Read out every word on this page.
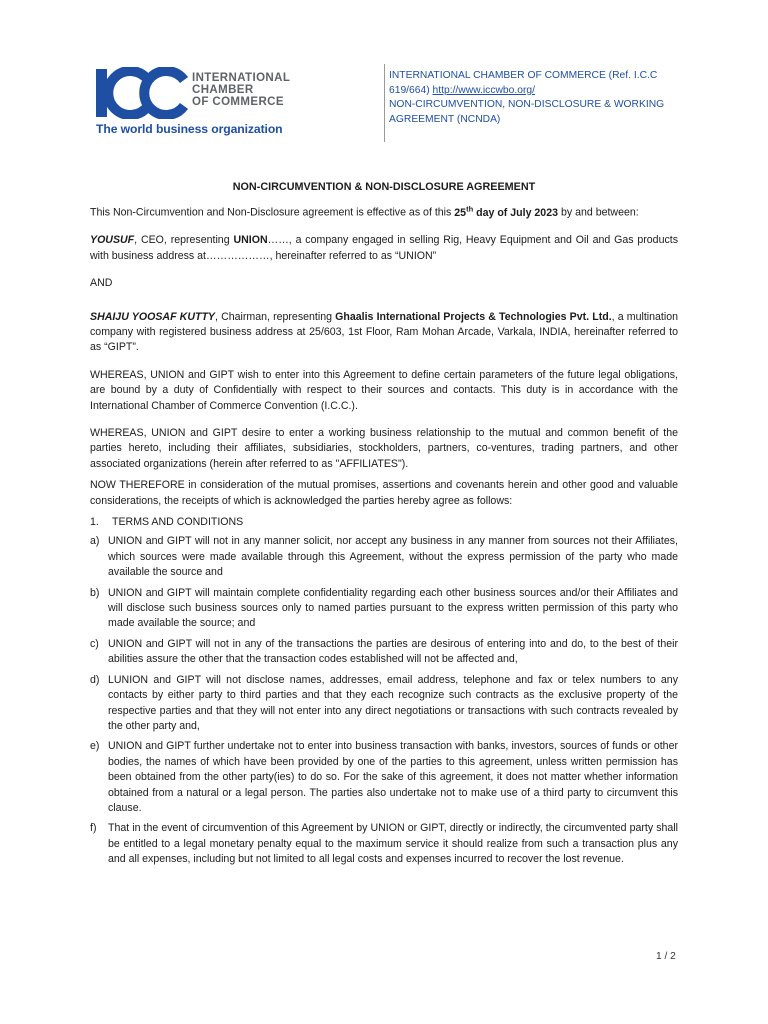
ICC
INTERNATIONAL
CHAMBER
OF COMMERCE
The world business organization
INTERNATIONAL CHAMBER OF COMMERCE (Ref. I.C.C
619/664) http://www.iccwbo.org/
NON-CIRCUMVENTION, NON-DISCLOSURE & WORKING
AGREEMENT (NCNDA)
NON-CIRCUMVENTION & NON-DISCLOSURE AGREEMENT

This Non-Circumvention and Non-Disclosure agreement is effective as of this 25th day of July 2023 by and between:

YOUSUF, CEO, representing UNION……, a company engaged in selling Rig, Heavy Equipment and Oil and Gas products with business address at………………, hereinafter referred to as “UNION”

AND

SHAIJU YOOSAF KUTTY, Chairman, representing Ghaalis International Projects & Technologies Pvt. Ltd., a multination company with registered business address at 25/603, 1st Floor, Ram Mohan Arcade, Varkala, INDIA, hereinafter referred to as “GIPT”.

WHEREAS, UNION and GIPT wish to enter into this Agreement to define certain parameters of the future legal obligations, are bound by a duty of Confidentially with respect to their sources and contacts. This duty is in accordance with the International Chamber of Commerce Convention (I.C.C.).

WHEREAS, UNION and GIPT desire to enter a working business relationship to the mutual and common benefit of the parties hereto, including their affiliates, subsidiaries, stockholders, partners, co-ventures, trading partners, and other associated organizations (herein after referred to as "AFFILIATES").

NOW THEREFORE in consideration of the mutual promises, assertions and covenants herein and other good and valuable considerations, the receipts of which is acknowledged the parties hereby agree as follows:

1. TERMS AND CONDITIONS

a) UNION and GIPT will not in any manner solicit, nor accept any business in any manner from sources not their Affiliates, which sources were made available through this Agreement, without the express permission of the party who made available the source and
b) UNION and GIPT will maintain complete confidentiality regarding each other business sources and/or their Affiliates and will disclose such business sources only to named parties pursuant to the express written permission of this party who made available the source; and
c) UNION and GIPT will not in any of the transactions the parties are desirous of entering into and do, to the best of their abilities assure the other that the transaction codes established will not be affected and,
d) LUNION and GIPT will not disclose names, addresses, email address, telephone and fax or telex numbers to any contacts by either party to third parties and that they each recognize such contracts as the exclusive property of the respective parties and that they will not enter into any direct negotiations or transactions with such contracts revealed by the other party and,
e) UNION and GIPT further undertake not to enter into business transaction with banks, investors, sources of funds or other bodies, the names of which have been provided by one of the parties to this agreement, unless written permission has been obtained from the other party(ies) to do so. For the sake of this agreement, it does not matter whether information obtained from a natural or a legal person. The parties also undertake not to make use of a third party to circumvent this clause.
f) That in the event of circumvention of this Agreement by UNION or GIPT, directly or indirectly, the circumvented party shall be entitled to a legal monetary penalty equal to the maximum service it should realize from such a transaction plus any and all expenses, including but not limited to all legal costs and expenses incurred to recover the lost revenue.
1 / 2
